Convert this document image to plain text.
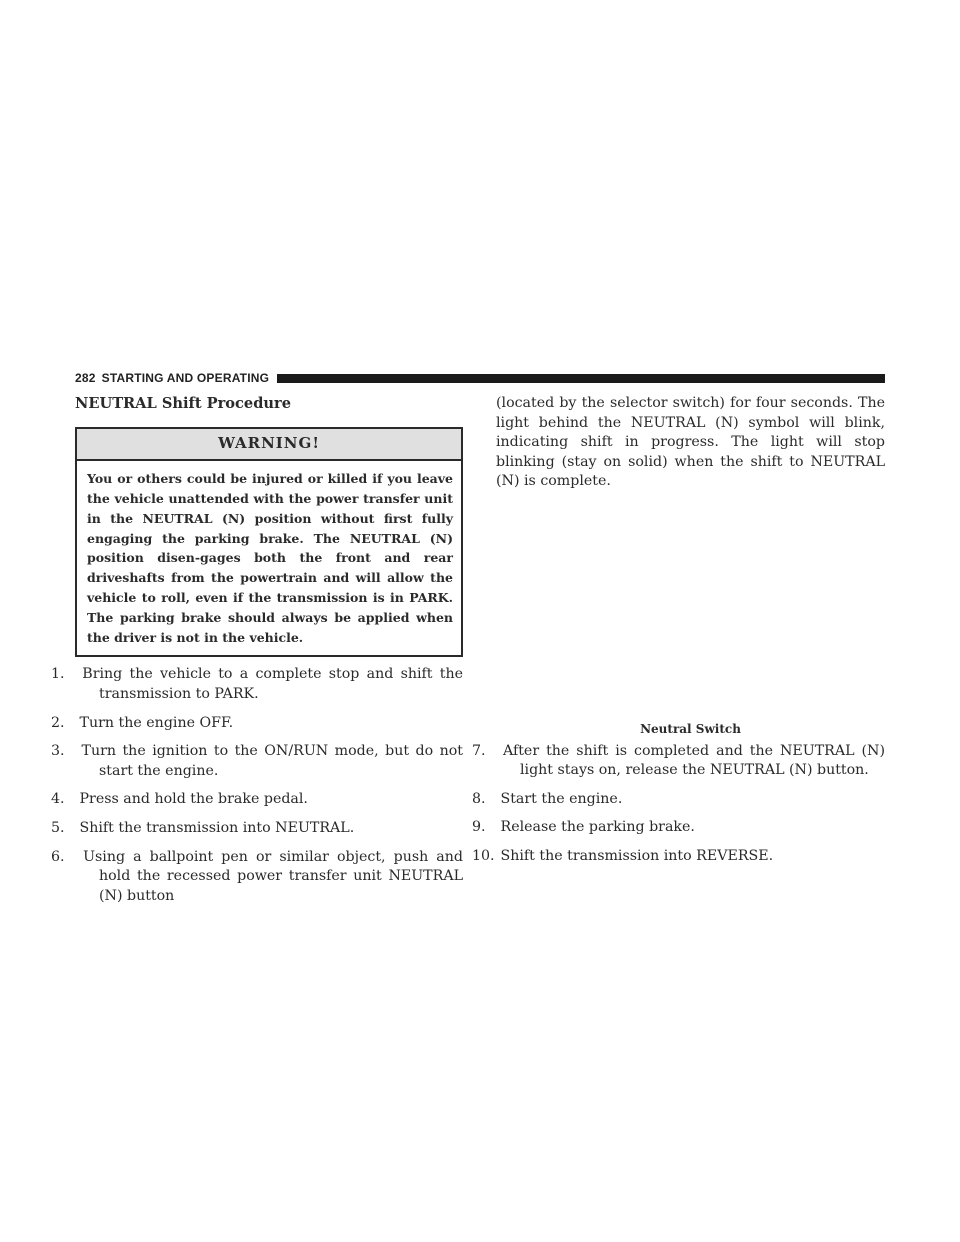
282 STARTING AND OPERATING
NEUTRAL Shift Procedure
WARNING!
You or others could be injured or killed if you leave the vehicle unattended with the power transfer unit in the NEUTRAL (N) position without first fully engaging the parking brake. The NEUTRAL (N) position disen-gages both the front and rear driveshafts from the powertrain and will allow the vehicle to roll, even if the transmission is in PARK. The parking brake should always be applied when the driver is not in the vehicle.
1. Bring the vehicle to a complete stop and shift the transmission to PARK.
2. Turn the engine OFF.
3. Turn the ignition to the ON/RUN mode, but do not start the engine.
4. Press and hold the brake pedal.
5. Shift the transmission into NEUTRAL.
6. Using a ballpoint pen or similar object, push and hold the recessed power transfer unit NEUTRAL (N) button

(located by the selector switch) for four seconds. The light behind the NEUTRAL (N) symbol will blink, indicating shift in progress. The light will stop blinking (stay on solid) when the shift to NEUTRAL (N) is complete.

Neutral Switch
7. After the shift is completed and the NEUTRAL (N) light stays on, release the NEUTRAL (N) button.
8. Start the engine.
9. Release the parking brake.
10. Shift the transmission into REVERSE.
